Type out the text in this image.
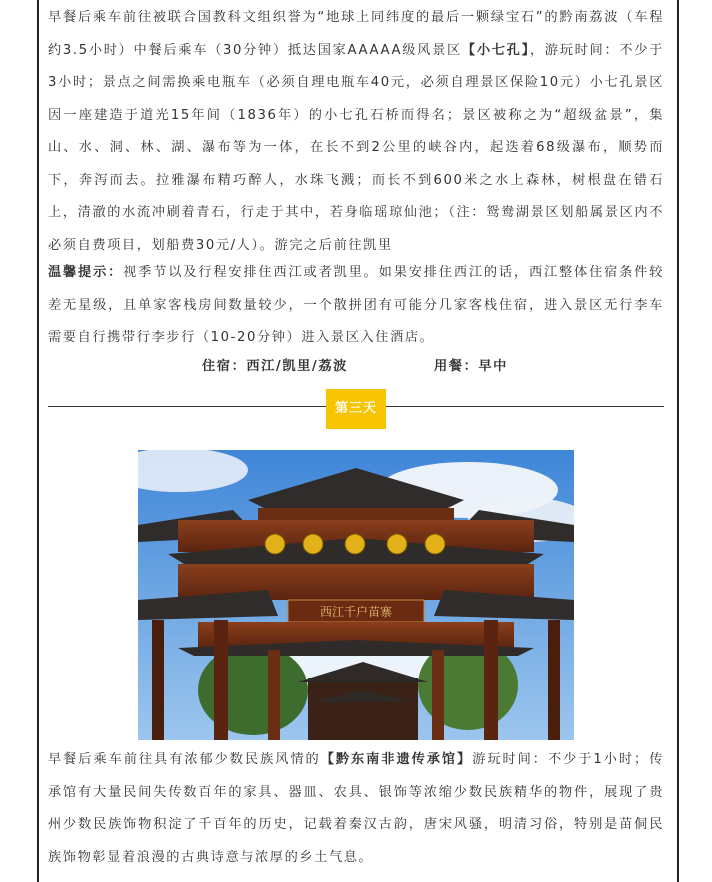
早餐后乘车前往被联合国教科文组织誉为“地球上同纬度的最后一颗绿宝石”的黔南荔波（车程约3.5小时）中餐后乘车（30分钟）抵达国家AAAAA级风景区【小七孔】，游玩时间：不少于3小时；景点之间需换乘电瓶车（必须自理电瓶车40元，必须自理景区保险10元）小七孔景区因一座建造于道光15年间（1836年）的小七孔石桥而得名；景区被称之为“超级盆景”，集山、水、洞、林、湖、瀑布等为一体，在长不到2公里的峡谷内，起迭着68级瀑布，顺势而下，奔泻而去。拉雅瀑布精巧醉人，水珠飞溅；而长不到600米之水上森林，树根盘在错石上，清澈的水流冲刷着青石，行走于其中，若身临瑶琼仙池；（注：鸳鸯湖景区划船属景区内不必须自费项目，划船费30元/人）。游完之后前往凯里

温馨提示：视季节以及行程安排住西江或者凯里。如果安排住西江的话，西江整体住宿条件较差无星级，且单家客栈房间数量较少，一个散拼团有可能分几家客栈住宿，进入景区无行李车需要自行携带行李步行（10-20分钟）进入景区入住酒店。

住宿：西江/凯里/荔波	用餐：早中
第三天

早餐后乘车前往具有浓郁少数民族风情的【黔东南非遗传承馆】游玩时间：不少于1小时；传承馆有大量民间失传数百年的家具、器皿、农具、银饰等浓缩少数民族精华的物件，展现了贵州少数民族饰物积淀了千百年的历史，记载着秦汉古韵，唐宋风骚，明清习俗，特别是苗侗民族饰物彰显着浪漫的古典诗意与浓厚的乡土气息。

西江千户苗寨
